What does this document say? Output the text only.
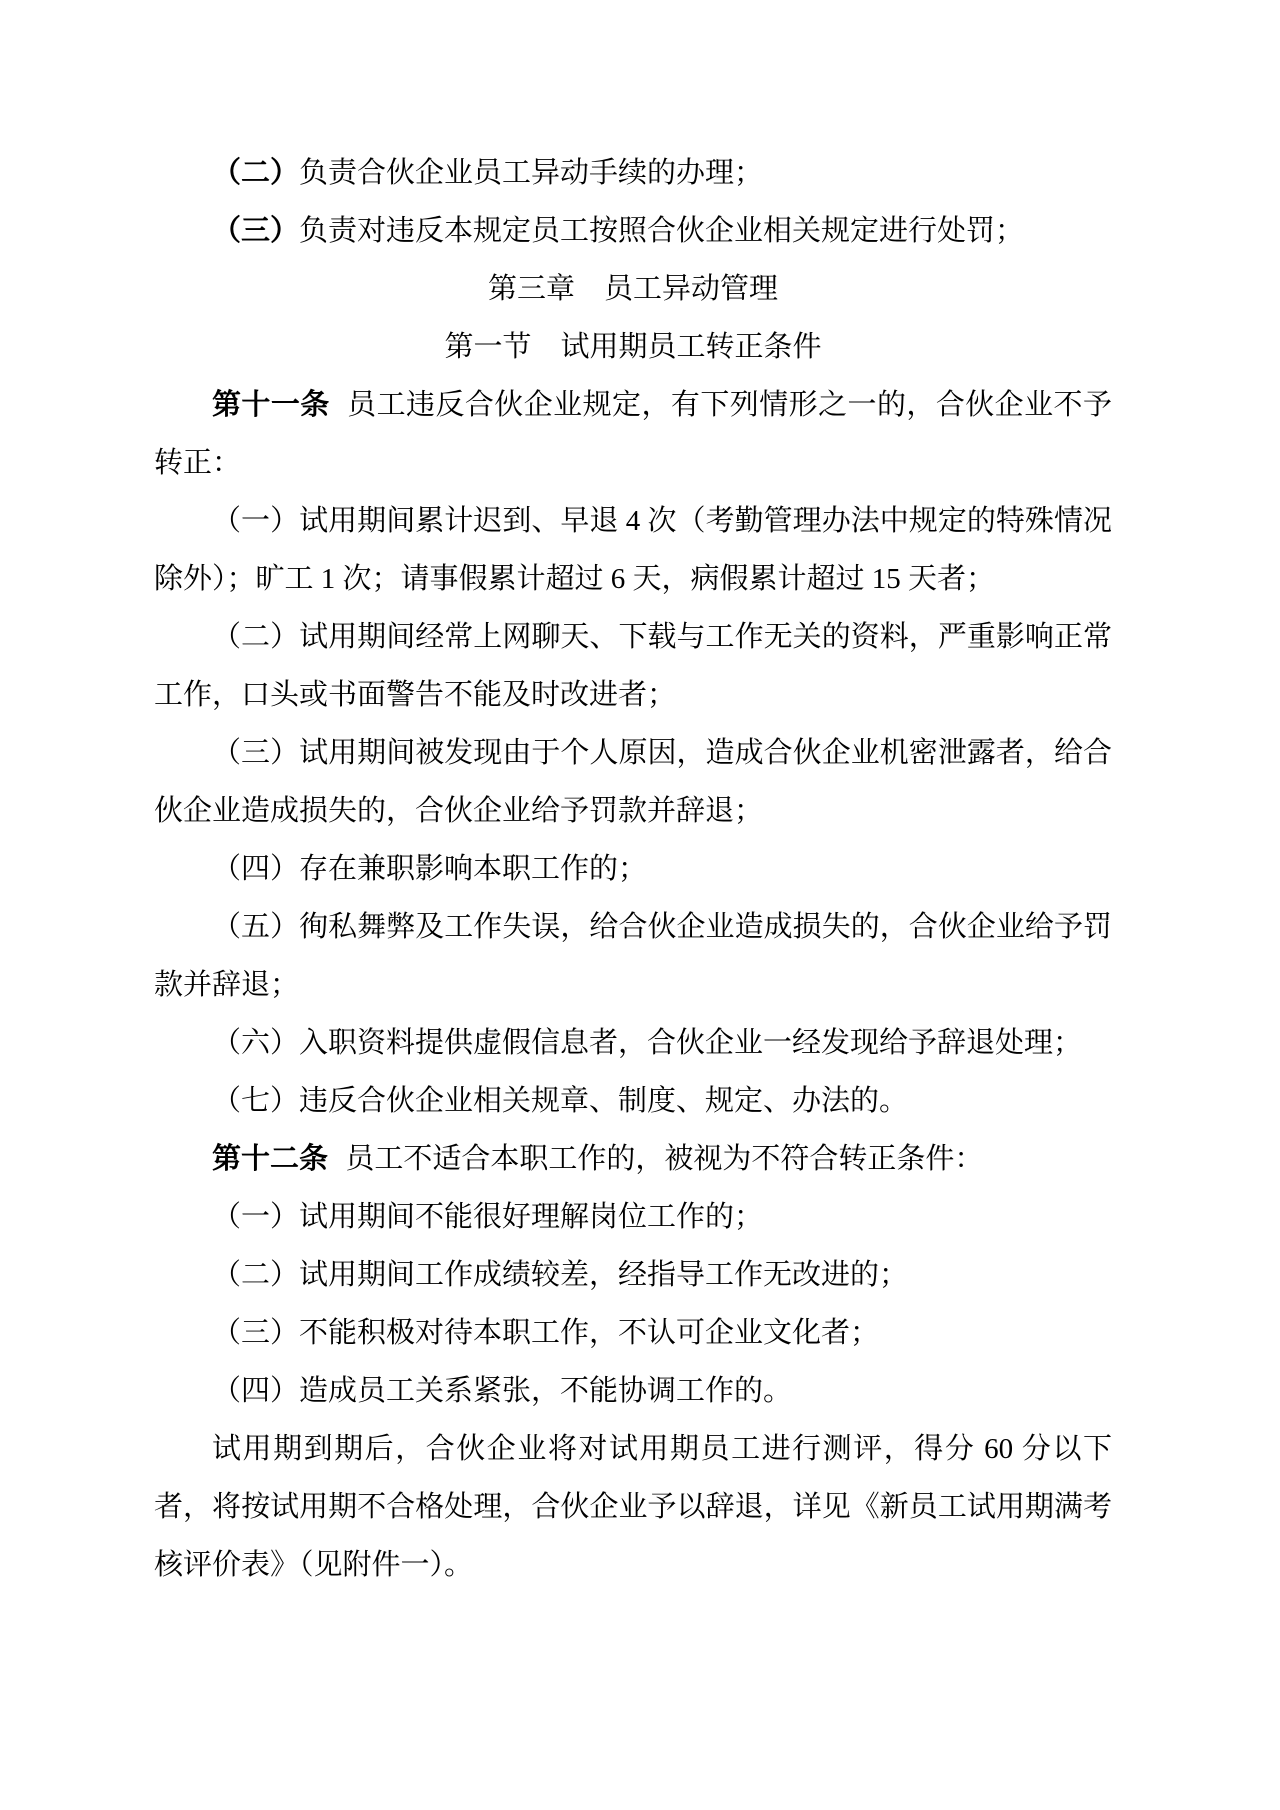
（二）负责合伙企业员工异动手续的办理；

（三）负责对违反本规定员工按照合伙企业相关规定进行处罚；

第三章　员工异动管理
第一节　试用期员工转正条件

第十一条 员工违反合伙企业规定，有下列情形之一的，合伙企业不予转正：

（一）试用期间累计迟到、早退 4 次（考勤管理办法中规定的特殊情况除外）；旷工 1 次；请事假累计超过 6 天，病假累计超过 15 天者；

（二）试用期间经常上网聊天、下载与工作无关的资料，严重影响正常工作，口头或书面警告不能及时改进者；

（三）试用期间被发现由于个人原因，造成合伙企业机密泄露者，给合伙企业造成损失的，合伙企业给予罚款并辞退；

（四）存在兼职影响本职工作的；

（五）徇私舞弊及工作失误，给合伙企业造成损失的，合伙企业给予罚款并辞退；

（六）入职资料提供虚假信息者，合伙企业一经发现给予辞退处理；

（七）违反合伙企业相关规章、制度、规定、办法的。

第十二条 员工不适合本职工作的，被视为不符合转正条件：

（一）试用期间不能很好理解岗位工作的；

（二）试用期间工作成绩较差，经指导工作无改进的；

（三）不能积极对待本职工作，不认可企业文化者；

（四）造成员工关系紧张，不能协调工作的。

试用期到期后，合伙企业将对试用期员工进行测评，得分 60 分以下者，将按试用期不合格处理，合伙企业予以辞退，详见《新员工试用期满考核评价表》（见附件一）。
